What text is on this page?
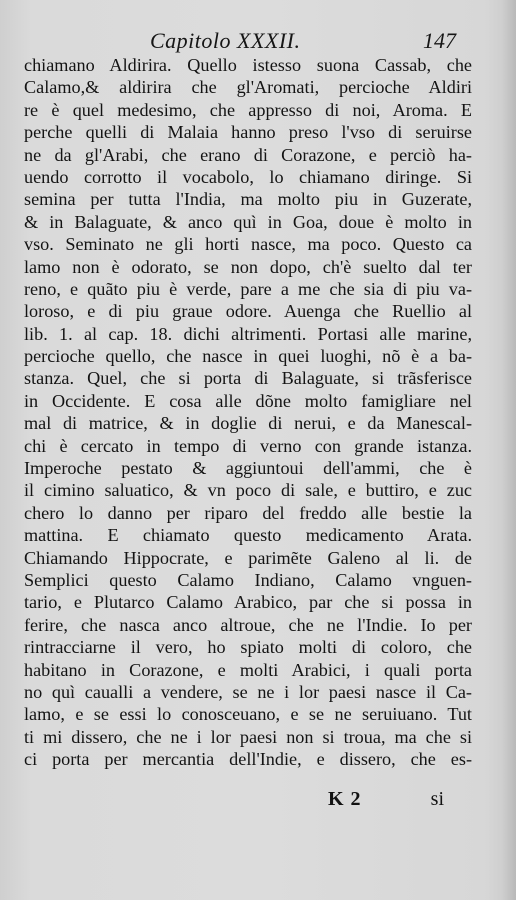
Capitolo XXXII.	147
chiamano Aldirira. Quello istesso suona Cassab, che
Calamo,& aldirira che gl'Aromati, percioche Aldiri
re è quel medesimo, che appresso di noi, Aroma. E
perche quelli di Malaia hanno preso l'vso di seruirse
ne da gl'Arabi, che erano di Corazone, e perciò ha-
uendo corrotto il vocabolo, lo chiamano diringe. Si
semina per tutta l'India, ma molto piu in Guzerate,
& in Balaguate, & anco quì in Goa, doue è molto in
vso. Seminato ne gli horti nasce, ma poco. Questo ca
lamo non è odorato, se non dopo, ch'è sueltο dal ter
reno, e quãto piu è verde, pare a me che sia di piu va-
loroso, e di piu graue odore. Auenga che Ruellio al
lib. 1. al cap. 18. dichi altrimenti. Portasi alle marine,
percioche quello, che nasce in quei luoghi, nõ è a ba-
stanza. Quel, che si porta di Balaguate, si trãsferisce
in Occidente. E cosa alle dõne molto famigliare nel
mal di matrice, & in doglie di nerui, e da Manescal-
chi è cercato in tempo di verno con grande istanza.
Imperoche pestato & aggiuntoui dell'ammi, che è
il cimino saluatico, & vn poco di sale, e buttiro, e zuc
chero lo danno per riparo del freddo alle bestie la
mattina. E chiamato questo medicamento Arata.
Chiamando Hippocrate, e parimẽte Galeno al li. de
Semplici questo Calamo Indiano, Calamo vnguen-
tario, e Plutarco Calamo Arabico, par che si possa in
ferire, che nasca anco altroue, che ne l'Indie. Io per
rintracciarne il vero, ho spiato molti di coloro, che
habitano in Corazone, e molti Arabici, i quali porta
no quì caualli a vendere, se ne i lor paesi nasce il Ca-
lamo, e se essi lo conosceuano, e se ne seruiuano. Tut
ti mi dissero, che ne i lor paesi non si troua, ma che si
ci porta per mercantia dell'Indie, e dissero, che es-
K 2	si
